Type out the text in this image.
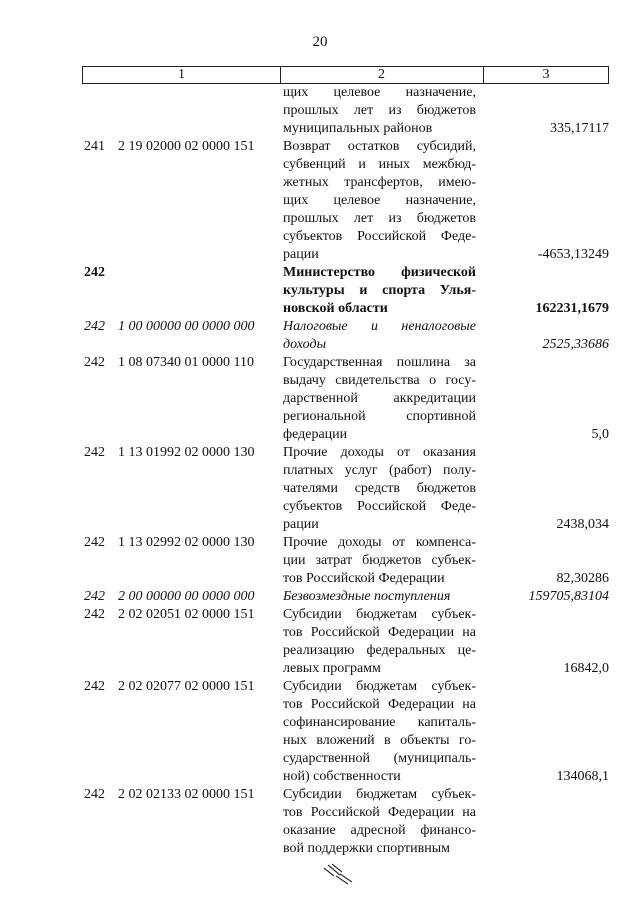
20
1	2	3
щих целевое назначение,
прошлых лет из бюджетов
муниципальных районов	335,17117
241 2 19 02000 02 0000 151	Возврат остатков субсидий,
субвенций и иных межбюд-
жетных трансфертов, имею-
щих целевое назначение,
прошлых лет из бюджетов
субъектов Российской Феде-
рации	-4653,13249
242	Министерство физической
культуры и спорта Улья-
новской области	162231,1679
242 1 00 00000 00 0000 000	Налоговые и неналоговые
доходы	2525,33686
242 1 08 07340 01 0000 110	Государственная пошлина за
выдачу свидетельства о госу-
дарственной аккредитации
региональной спортивной
федерации	5,0
242 1 13 01992 02 0000 130	Прочие доходы от оказания
платных услуг (работ) полу-
чателями средств бюджетов
субъектов Российской Феде-
рации	2438,034
242 1 13 02992 02 0000 130	Прочие доходы от компенса-
ции затрат бюджетов субъек-
тов Российской Федерации	82,30286
242 2 00 00000 00 0000 000	Безвозмездные поступления	159705,83104
242 2 02 02051 02 0000 151	Субсидии бюджетам субъек-
тов Российской Федерации на
реализацию федеральных це-
левых программ	16842,0
242 2 02 02077 02 0000 151	Субсидии бюджетам субъек-
тов Российской Федерации на
софинансирование капиталь-
ных вложений в объекты го-
сударственной (муниципаль-
ной) собственности	134068,1
242 2 02 02133 02 0000 151	Субсидии бюджетам субъек-
тов Российской Федерации на
оказание адресной финансо-
вой поддержки спортивным
